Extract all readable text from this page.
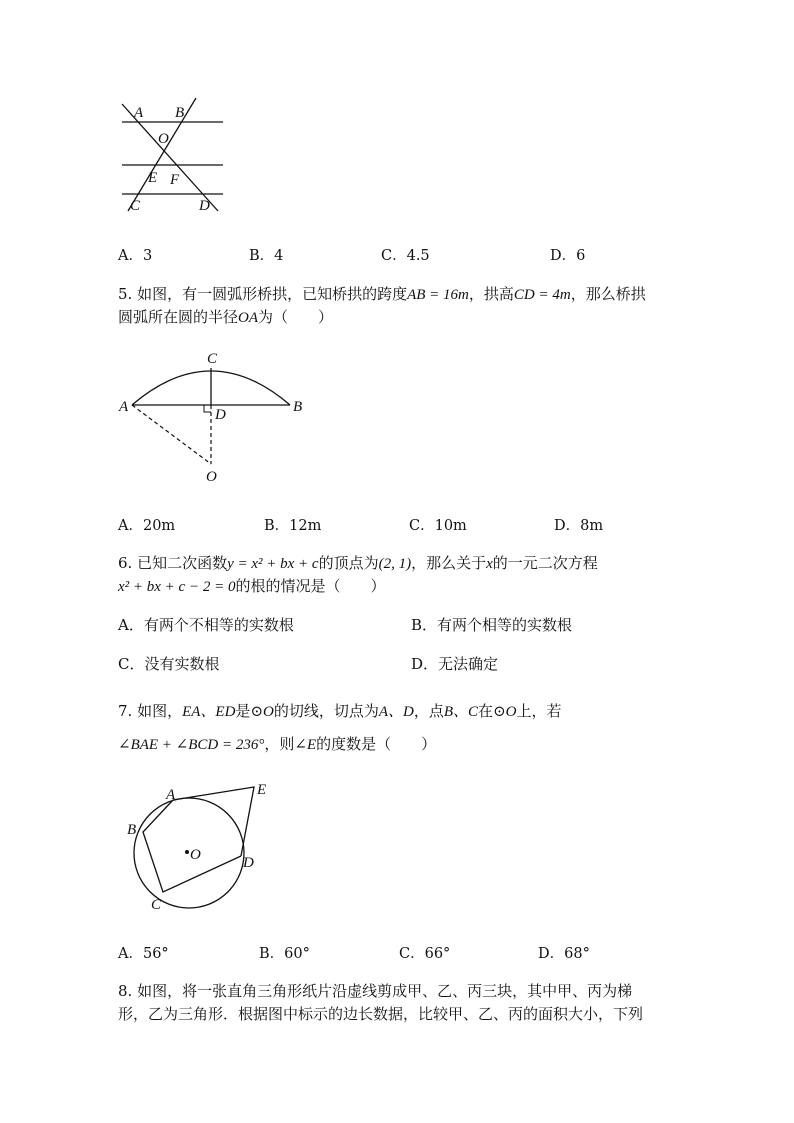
A B
O
E F
C	D
A．3	B．4	C．4.5	D．6
5. 如图，有一圆弧形桥拱，已知桥拱的跨度AB = 16m，拱高CD = 4m，那么桥拱
圆弧所在圆的半径OA为（　　）
C
A	B
D
O
A．20m	B．12m	C．10m	D．8m
6. 已知二次函数y = x² + bx + c的顶点为(2, 1)，那么关于x的一元二次方程
x² + bx + c − 2 = 0的根的情况是（　　）
A．有两个不相等的实数根	B．有两个相等的实数根
C．没有实数根	D．无法确定
7. 如图，EA、ED是⊙O的切线，切点为A、D，点B、C在⊙O上，若
∠BAE + ∠BCD = 236°，则∠E的度数是（　　）
A	E
B
O	D
C
A．56°	B．60°	C．66°	D．68°
8. 如图，将一张直角三角形纸片沿虚线剪成甲、乙、丙三块，其中甲、丙为梯
形，乙为三角形．根据图中标示的边长数据，比较甲、乙、丙的面积大小，下列
